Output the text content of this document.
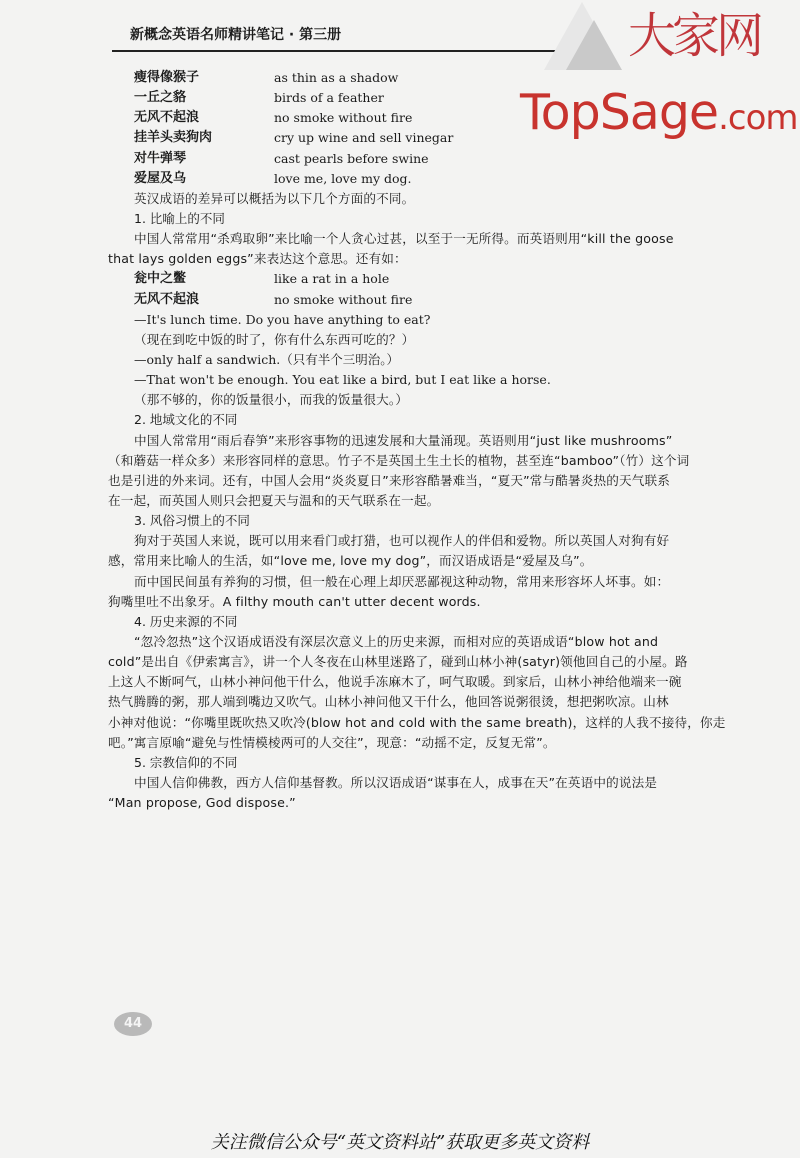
新概念英语名师精讲笔记 · 第三册	大家网
TopSage.com
瘦得像猴子	as thin as a shadow
一丘之貉	birds of a feather
无风不起浪	no smoke without fire
挂羊头卖狗肉	cry up wine and sell vinegar
对牛弹琴	cast pearls before swine
爱屋及乌	love me, love my dog.
英汉成语的差异可以概括为以下几个方面的不同。
1. 比喻上的不同
中国人常常用“杀鸡取卵”来比喻一个人贪心过甚，以至于一无所得。而英语则用“kill the goose
that lays golden eggs”来表达这个意思。还有如：
瓮中之鳖	like a rat in a hole
无风不起浪	no smoke without fire
—It's lunch time. Do you have anything to eat?
（现在到吃中饭的时了，你有什么东西可吃的？）
—only half a sandwich.（只有半个三明治。）
—That won't be enough. You eat like a bird, but I eat like a horse.
（那不够的，你的饭量很小，而我的饭量很大。）
2. 地域文化的不同
中国人常常用“雨后春笋”来形容事物的迅速发展和大量涌现。英语则用“just like mushrooms”
（和蘑菇一样众多）来形容同样的意思。竹子不是英国土生土长的植物，甚至连“bamboo”（竹）这个词
也是引进的外来词。还有，中国人会用“炎炎夏日”来形容酷暑难当，“夏天”常与酷暑炎热的天气联系
在一起，而英国人则只会把夏天与温和的天气联系在一起。
3. 风俗习惯上的不同
狗对于英国人来说，既可以用来看门或打猎，也可以视作人的伴侣和爱物。所以英国人对狗有好
感，常用来比喻人的生活，如“love me, love my dog”，而汉语成语是“爱屋及乌”。
而中国民间虽有养狗的习惯，但一般在心理上却厌恶鄙视这种动物，常用来形容坏人坏事。如：
狗嘴里吐不出象牙。A filthy mouth can't utter decent words.
4. 历史来源的不同
“忽冷忽热”这个汉语成语没有深层次意义上的历史来源，而相对应的英语成语“blow hot and
cold”是出自《伊索寓言》，讲一个人冬夜在山林里迷路了，碰到山林小神(satyr)领他回自己的小屋。路
上这人不断呵气，山林小神问他干什么，他说手冻麻木了，呵气取暖。到家后，山林小神给他端来一碗
热气腾腾的粥，那人端到嘴边又吹气。山林小神问他又干什么，他回答说粥很烫，想把粥吹凉。山林
小神对他说：“你嘴里既吹热又吹冷(blow hot and cold with the same breath)，这样的人我不接待，你走
吧。”寓言原喻“避免与性情模棱两可的人交往”，现意：“动摇不定，反复无常”。
5. 宗教信仰的不同
中国人信仰佛教，西方人信仰基督教。所以汉语成语“谋事在人，成事在天”在英语中的说法是
“Man propose, God dispose.”
44
关注微信公众号“英文资料站”获取更多英文资料
